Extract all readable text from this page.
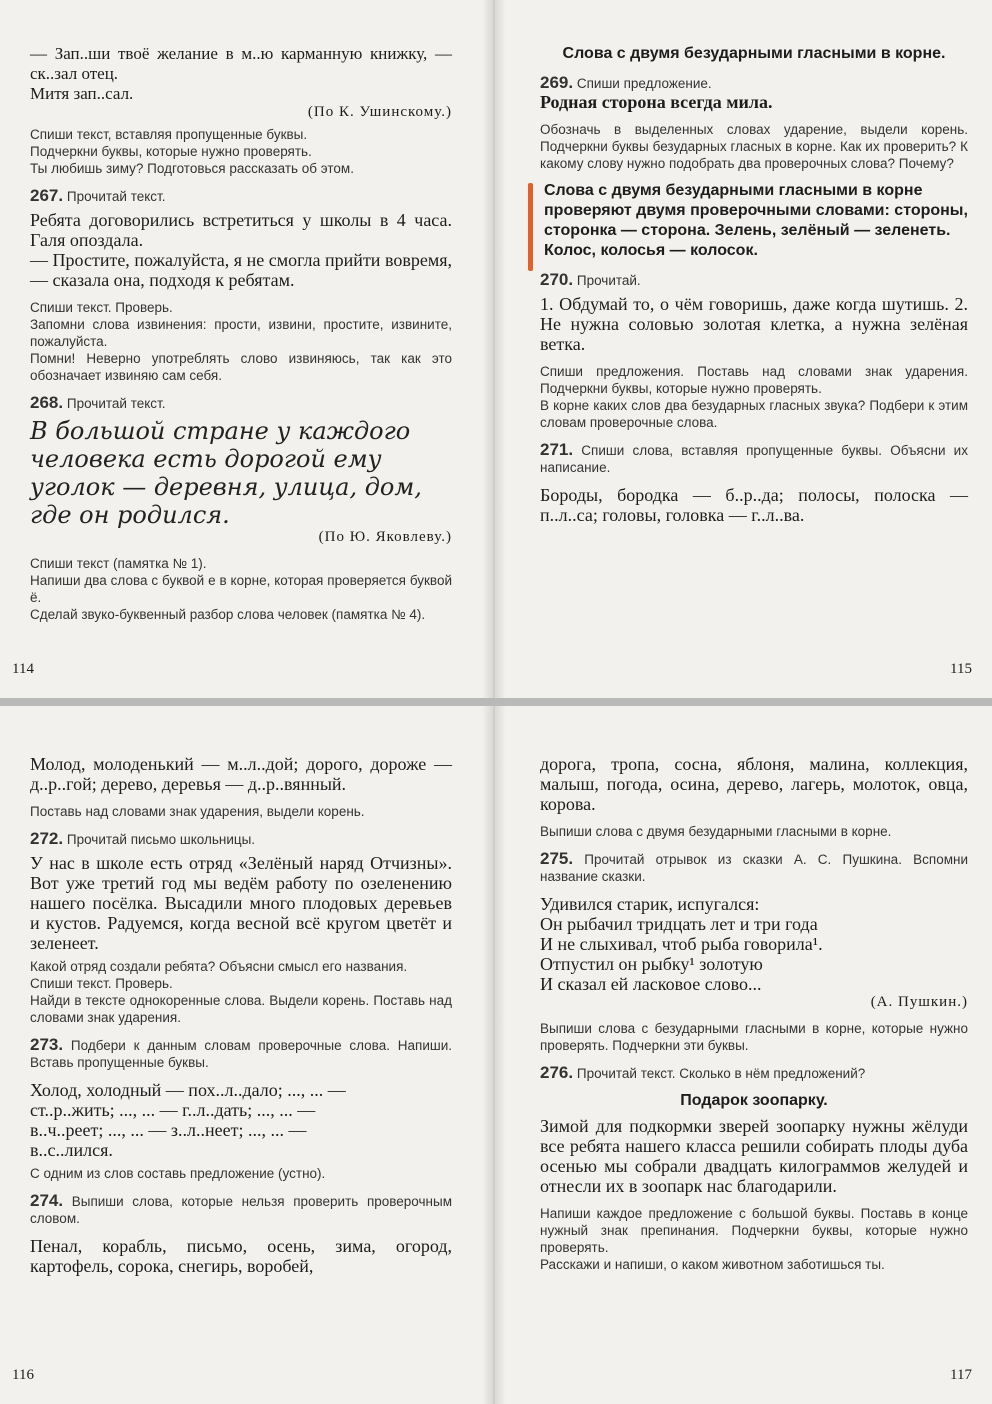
— Зап..ши твоё желание в м..ю карманную книжку, — ск..зал отец.

Митя зап..сал.

(По К. Ушинскому.)

Спиши текст, вставляя пропущенные буквы.

Подчеркни буквы, которые нужно проверять.

Ты любишь зиму? Подготовься рассказать об этом.

267. Прочитай текст.

Ребята договорились встретиться у школы в 4 часа. Галя опоздала.

— Простите, пожалуйста, я не смогла прийти вовремя, — сказала она, подходя к ребятам.

Спиши текст. Проверь.

Запомни слова извинения: прости, извини, простите, извините, пожалуйста.

Помни! Неверно употреблять слово извиняюсь, так как это обозначает извиняю сам себя.

268. Прочитай текст.

В большой стране у каждого человека есть дорогой ему уголок — деревня, улица, дом, где он родился.

(По Ю. Яковлеву.)

Спиши текст (памятка № 1).

Напиши два слова с буквой е в корне, которая проверяется буквой ё.

Сделай звуко-буквенный разбор слова человек (памятка № 4).

114

Слова с двумя безударными гласными в корне.

269. Спиши предложение.

Родная сторона всегда мила.

Обозначь в выделенных словах ударение, выдели корень. Подчеркни буквы безударных гласных в корне. Как их проверить? К какому слову нужно подобрать два проверочных слова? Почему?

Слова с двумя безударными гласными в корне проверяют двумя проверочными словами: стороны, сторонка — сторона. Зелень, зелёный — зеленеть. Колос, колосья — колосок.

270. Прочитай.

1. Обдумай то, о чём говоришь, даже когда шутишь. 2. Не нужна соловью золотая клетка, а нужна зелёная ветка.

Спиши предложения. Поставь над словами знак ударения. Подчеркни буквы, которые нужно проверять.

В корне каких слов два безударных гласных звука? Подбери к этим словам проверочные слова.

271. Спиши слова, вставляя пропущенные буквы. Объясни их написание.

Бороды, бородка — б..р..да; полосы, полоска — п..л..са; головы, головка — г..л..ва.

115

Молод, молоденький — м..л..дой; дорого, дороже — д..р..гой; дерево, деревья — д..р..вянный.

Поставь над словами знак ударения, выдели корень.

272. Прочитай письмо школьницы.

У нас в школе есть отряд «Зелёный наряд Отчизны». Вот уже третий год мы ведём работу по озеленению нашего посёлка. Высадили много плодовых деревьев и кустов. Радуемся, когда весной всё кругом цветёт и зеленеет.

Какой отряд создали ребята? Объясни смысл его названия.

Спиши текст. Проверь.

Найди в тексте однокоренные слова. Выдели корень. Поставь над словами знак ударения.

273. Подбери к данным словам проверочные слова. Напиши. Вставь пропущенные буквы.

Холод, холодный — пох..л..дало; ..., ... —

ст..р..жить; ..., ... — г..л..дать; ..., ... —

в..ч..реет; ..., ... — з..л..неет; ..., ... —

в..с..лился.

С одним из слов составь предложение (устно).

274. Выпиши слова, которые нельзя проверить проверочным словом.

Пенал, корабль, письмо, осень, зима, огород, картофель, сорока, снегирь, воробей,

116

дорога, тропа, сосна, яблоня, малина, коллекция, малыш, погода, осина, дерево, лагерь, молоток, овца, корова.

Выпиши слова с двумя безударными гласными в корне.

275. Прочитай отрывок из сказки А. С. Пушкина. Вспомни название сказки.

Удивился старик, испугался:

Он рыбачил тридцать лет и три года

И не слыхивал, чтоб рыба говорила¹.

Отпустил он рыбку¹ золотую

И сказал ей ласковое слово...

(А. Пушкин.)

Выпиши слова с безударными гласными в корне, которые нужно проверять. Подчеркни эти буквы.

276. Прочитай текст. Сколько в нём предложений?

Подарок зоопарку.

Зимой для подкормки зверей зоопарку нужны жёлуди все ребята нашего класса решили собирать плоды дуба осенью мы собрали двадцать килограммов желудей и отнесли их в зоопарк нас благодарили.

Напиши каждое предложение с большой буквы. Поставь в конце нужный знак препинания. Подчеркни буквы, которые нужно проверять.

Расскажи и напиши, о каком животном заботишься ты.

117
